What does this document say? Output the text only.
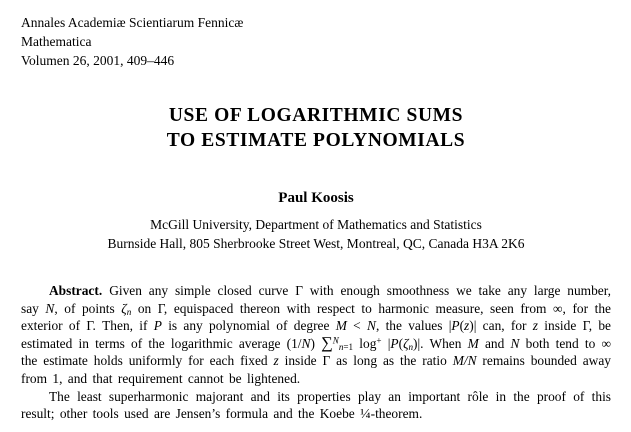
Annales Academiæ Scientiarum Fennicæ
Mathematica
Volumen 26, 2001, 409–446
USE OF LOGARITHMIC SUMS
TO ESTIMATE POLYNOMIALS
Paul Koosis
McGill University, Department of Mathematics and Statistics
Burnside Hall, 805 Sherbrooke Street West, Montreal, QC, Canada H3A 2K6

Abstract. Given any simple closed curve Γ with enough smoothness we take any large number, say N, of points $\zeta_n$ on Γ, equispaced thereon with respect to harmonic measure, seen from ∞, for the exterior of Γ. Then, if P is any polynomial of degree M < N, the values |P(z)| can, for z inside Γ, be estimated in terms of the logarithmic average (1/N) ∑$^N_{n=1}$ $\log^+ |P(\zeta_n)|$. When M and N both tend to ∞ the estimate holds uniformly for each fixed z inside Γ as long as the ratio M/N remains bounded away from 1, and that requirement cannot be lightened.

The least superharmonic majorant and its properties play an important rôle in the proof of this result; other tools used are Jensen’s formula and the Koebe ¼-theorem.
